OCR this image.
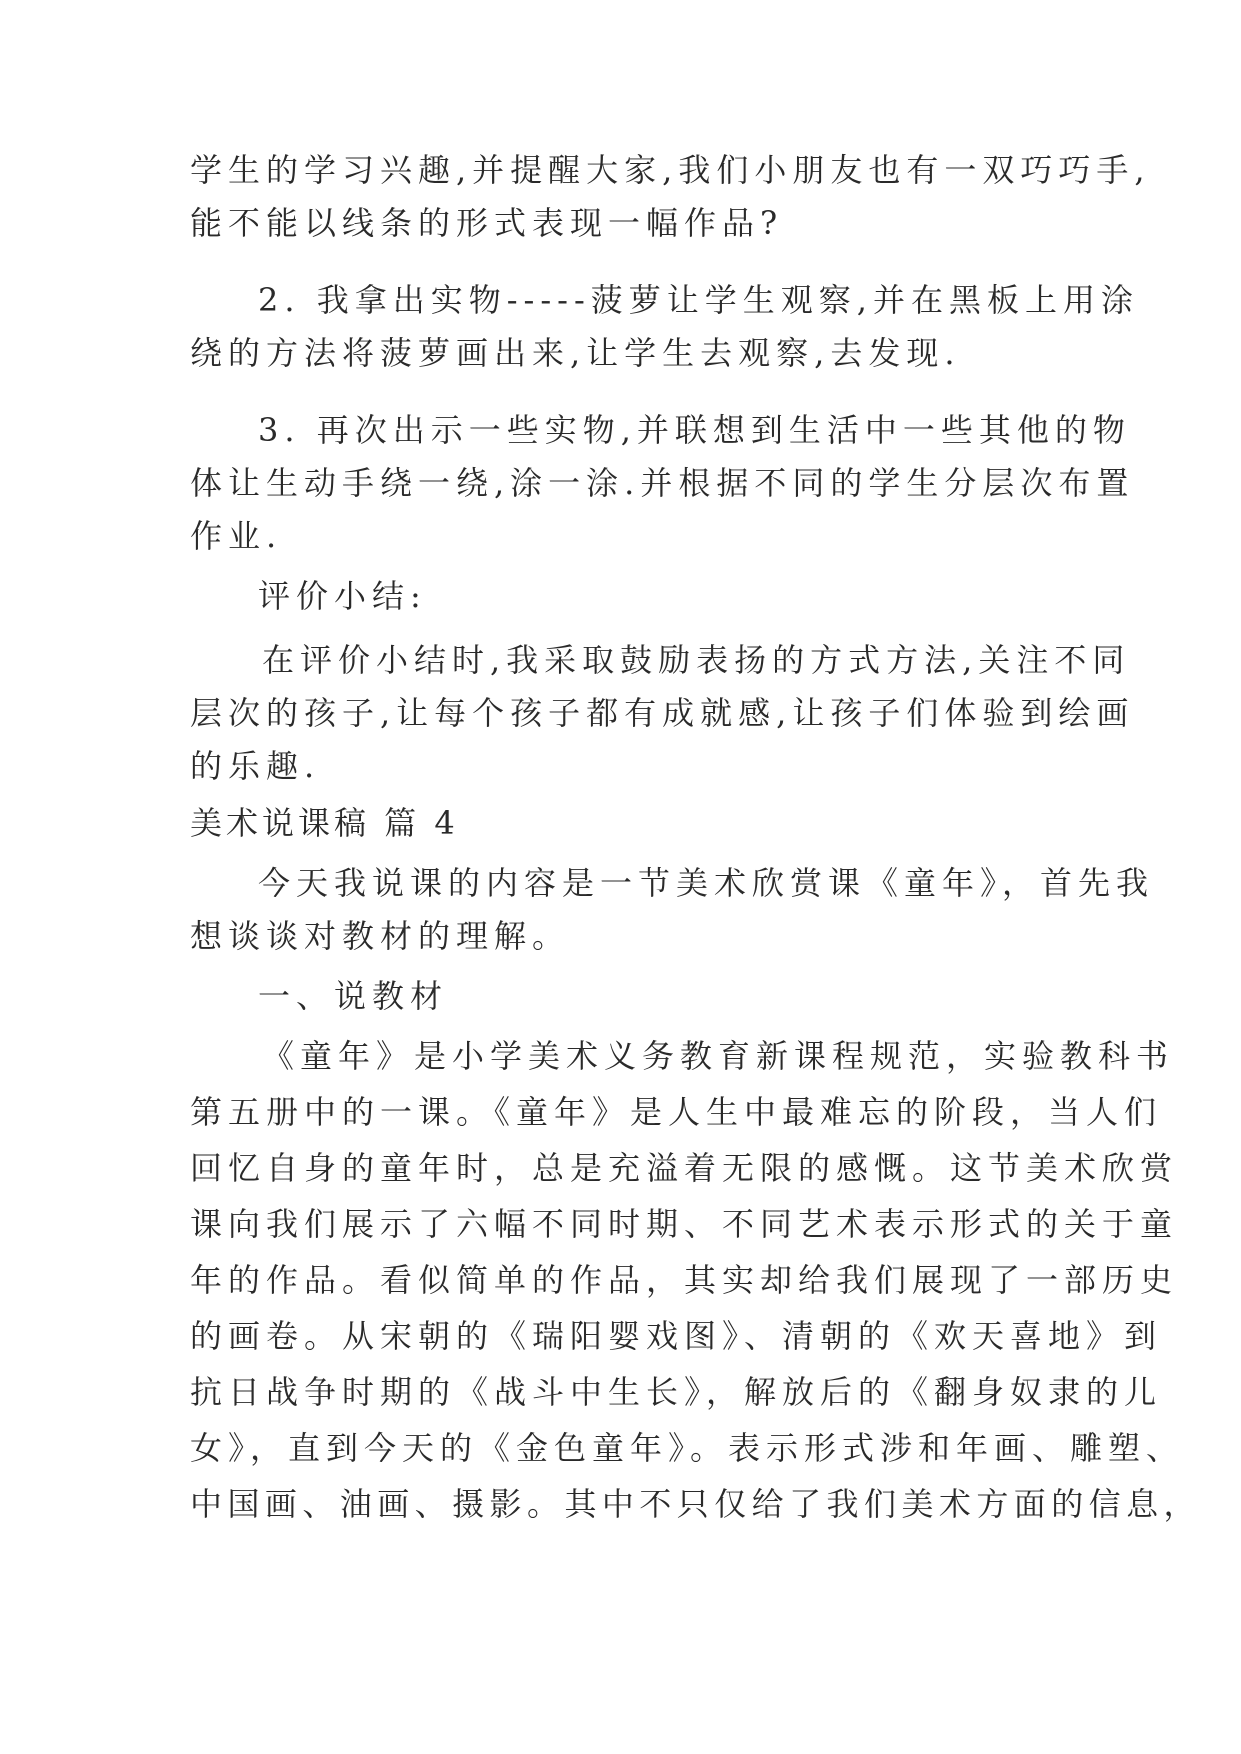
学生的学习兴趣,并提醒大家,我们小朋友也有一双巧巧手,
能不能以线条的形式表现一幅作品?
2. 我拿出实物-----菠萝让学生观察,并在黑板上用涂
绕的方法将菠萝画出来,让学生去观察,去发现.
3. 再次出示一些实物,并联想到生活中一些其他的物
体让生动手绕一绕,涂一涂.并根据不同的学生分层次布置
作业.
评价小结:
在评价小结时,我采取鼓励表扬的方式方法,关注不同
层次的孩子,让每个孩子都有成就感,让孩子们体验到绘画
的乐趣.
美术说课稿 篇 4
今天我说课的内容是一节美术欣赏课《童年》，首先我
想谈谈对教材的理解。
一、说教材
《童年》是小学美术义务教育新课程规范，实验教科书
第五册中的一课。《童年》是人生中最难忘的阶段，当人们
回忆自身的童年时，总是充溢着无限的感慨。这节美术欣赏
课向我们展示了六幅不同时期、不同艺术表示形式的关于童
年的作品。看似简单的作品，其实却给我们展现了一部历史
的画卷。从宋朝的《瑞阳婴戏图》、清朝的《欢天喜地》到
抗日战争时期的《战斗中生长》，解放后的《翻身奴隶的儿
女》，直到今天的《金色童年》。表示形式涉和年画、雕塑、
中国画、油画、摄影。其中不只仅给了我们美术方面的信息，
